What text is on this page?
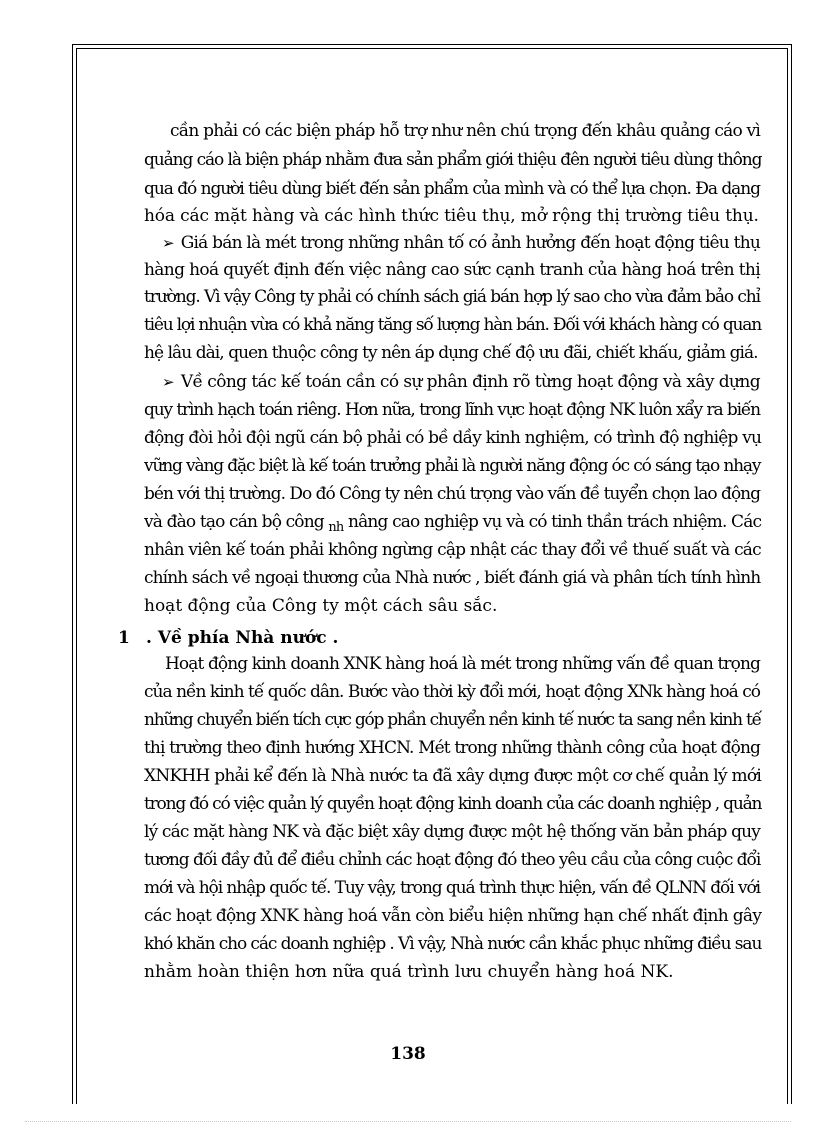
cần phải có các biện pháp hỗ trợ như nên chú trọng đến khâu quảng cáo vì
quảng cáo là biện pháp nhằm đưa sản phẩm giới thiệu đên người tiêu dùng thông
qua đó người tiêu dùng biết đến sản phẩm của mình và có thể lựa chọn. Đa dạng
hóa các mặt hàng và các hình thức tiêu thụ, mở rộng thị trường tiêu thụ.
➢ Giá bán là mét trong những nhân tố có ảnh hưởng đến hoạt động tiêu thụ
hàng hoá quyết định đến việc nâng cao sức cạnh tranh của hàng hoá trên thị
trường. Vì vậy Công ty phải có chính sách giá bán hợp lý sao cho vừa đảm bảo chỉ
tiêu lợi nhuận vừa có khả năng tăng số lượng hàn bán. Đối với khách hàng có quan
hệ lâu dài, quen thuộc công ty nên áp dụng chế độ ưu đãi, chiết khấu, giảm giá.
➢ Về công tác kế toán cần có sự phân định rõ từng hoạt động và xây dựng
quy trình hạch toán riêng. Hơn nữa, trong lĩnh vực hoạt động NK luôn xẩy ra biến
động đòi hỏi đội ngũ cán bộ phải có bề dầy kinh nghiệm, có trình độ nghiệp vụ
vững vàng đặc biệt là kế toán trưởng phải là người năng động óc có sáng tạo nhạy
bén với thị trường. Do đó Công ty nên chú trọng vào vấn đề tuyển chọn lao động
và đào tạo cán bộ công $_{nh}$ nâng cao nghiệp vụ và có tinh thần trách nhiệm. Các
nhân viên kế toán phải không ngừng cập nhật các thay đổi về thuế suất và các
chính sách về ngoại thương của Nhà nước , biết đánh giá và phân tích tính hình
hoạt động của Công ty một cách sâu sắc.
1 . Về phía Nhà nước .
Hoạt động kinh doanh XNK hàng hoá là mét trong những vấn đề quan trọng
của nền kinh tế quốc dân. Bước vào thời kỳ đổi mới, hoạt động XNk hàng hoá có
những chuyển biến tích cực góp phần chuyển nền kinh tế nước ta sang nền kinh tế
thị trường theo định hướng XHCN. Mét trong những thành công của hoạt động
XNKHH phải kể đến là Nhà nước ta đã xây dựng được một cơ chế quản lý mới
trong đó có việc quản lý quyền hoạt động kinh doanh của các doanh nghiệp , quản
lý các mặt hàng NK và đặc biệt xây dựng được một hệ thống văn bản pháp quy
tương đối đầy đủ để điều chỉnh các hoạt động đó theo yêu cầu của công cuộc đổi
mới và hội nhập quốc tế. Tuy vậy, trong quá trình thực hiện, vấn đề QLNN đối với
các hoạt động XNK hàng hoá vẫn còn biểu hiện những hạn chế nhất định gây
khó khăn cho các doanh nghiệp . Vì vậy, Nhà nước cần khắc phục những điều sau
nhằm hoàn thiện hơn nữa quá trình lưu chuyển hàng hoá NK.
138
